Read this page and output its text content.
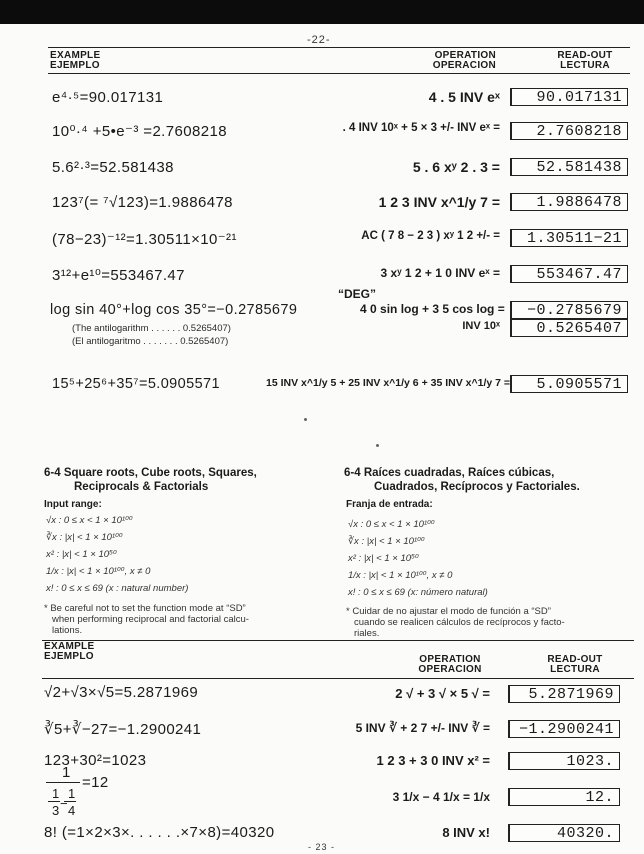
-22-
EXAMPLE
EJEMPLO
OPERATION
OPERACION
READ-OUT
LECTURA
e⁴·⁵=90.017131	4 . 5 INV eˣ	90.017131
10⁰·⁴ +5•e⁻³ =2.7608218	. 4 INV 10ˣ + 5 × 3 +/- INV eˣ =	2.7608218
5.6²·³=52.581438	5 . 6 xʸ 2 . 3 =	52.581438
123⁷(= ⁷√123)=1.9886478	1 2 3 INV x^1/y 7 =	1.9886478
(78−23)⁻¹²=1.30511×10⁻²¹	AC ( 7 8 − 2 3 ) xʸ 1 2 +/- =	1.30511−21
3¹²+e¹⁰=553467.47	3 xʸ 1 2 + 1 0 INV eˣ =	553467.47
“DEG”
log sin 40°+log cos 35°=−0.2785679	4 0 sin log + 3 5 cos log =	−0.2785679
(The antilogarithm . . . . . . 0.5265407)
(El antilogaritmo . . . . . . . 0.5265407)
INV 10ˣ	0.5265407
15⁵+25⁶+35⁷=5.0905571	15 INV x^1/y 5 + 25 INV x^1/y 6 + 35 INV x^1/y 7 =	5.0905571
6-4 Square roots, Cube roots, Squares,
Reciprocals & Factorials
Input range:
√x : 0 ≤ x < 1 × 10¹⁰⁰
∛x : |x| < 1 × 10¹⁰⁰
x² : |x| < 1 × 10⁵⁰
1/x : |x| < 1 × 10¹⁰⁰, x ≠ 0
x! : 0 ≤ x ≤ 69 (x : natural number)
* Be careful not to set the function mode at “SD”
when performing reciprocal and factorial calcu-
lations.
6-4 Raíces cuadradas, Raíces cúbicas,
Cuadrados, Recíprocos y Factoriales.
Franja de entrada:
√x : 0 ≤ x < 1 × 10¹⁰⁰
∛x : |x| < 1 × 10¹⁰⁰
x² : |x| < 1 × 10⁵⁰
1/x : |x| < 1 × 10¹⁰⁰, x ≠ 0
x! : 0 ≤ x ≤ 69 (x: número natural)
* Cuidar de no ajustar el modo de función a “SD”
cuando se realicen cálculos de recíprocos y facto-
riales.
EXAMPLE
EJEMPLO	OPERATION
OPERACION
READ-OUT
LECTURA
√2+√3×√5=5.2871969	2 √ + 3 √ × 5 √ =	5.2871969
∛5+∛−27=−1.2900241	5 INV ∛ + 2 7 +/- INV ∛ =	−1.2900241
123+30²=1023	1 2 3 + 3 0 INV x² =	1023.
1
1 1
3 − 4
=12
3 1/x − 4 1/x = 1/x	12.
8! (=1×2×3×. . . . . .×7×8)=40320	8 INV x!	40320.
- 23 -
